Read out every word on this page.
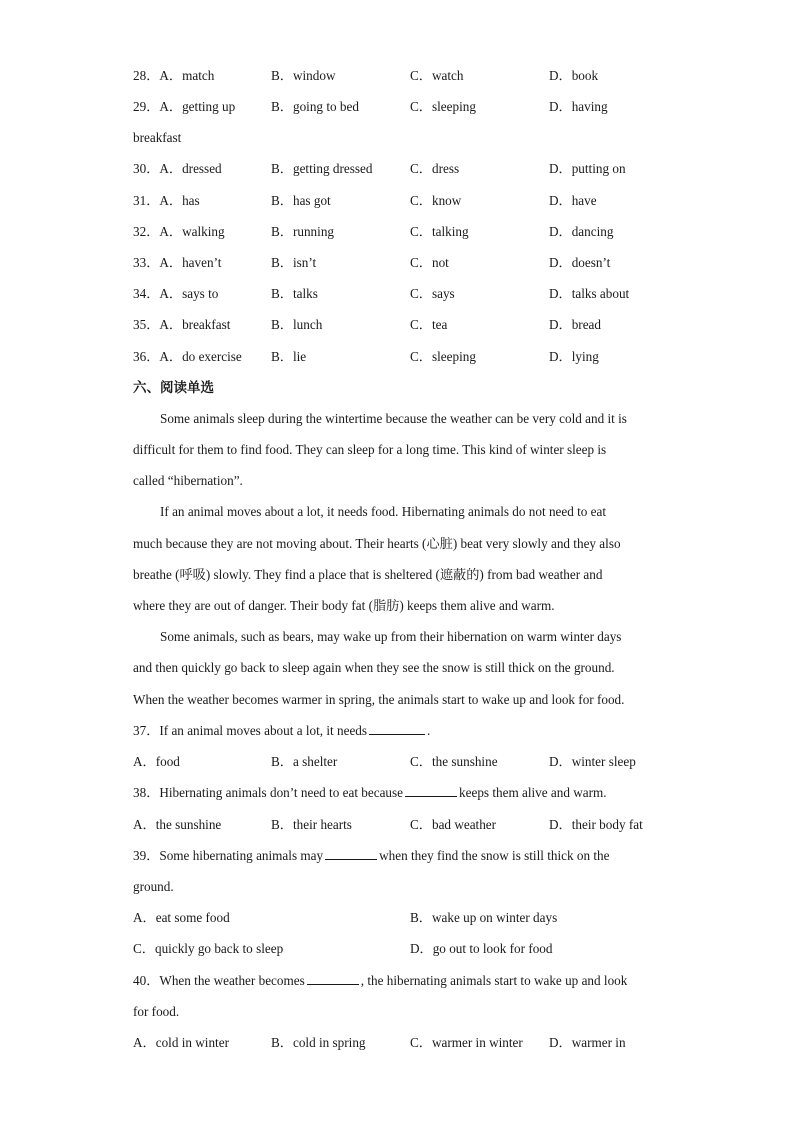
28．A．match	B．window	C．watch	D．book
29．A．getting up	B．going to bed	C．sleeping	D．having
breakfast
30．A．dressed	B．getting dressed	C．dress	D．putting on
31．A．has	B．has got	C．know	D．have
32．A．walking	B．running	C．talking	D．dancing
33．A．haven’t	B．isn’t	C．not	D．doesn’t
34．A．says to	B．talks	C．says	D．talks about
35．A．breakfast	B．lunch	C．tea	D．bread
36．A．do exercise B．lie	C．sleeping	D．lying
六、阅读单选
Some animals sleep during the wintertime because the weather can be very cold and it is
difficult for them to find food. They can sleep for a long time. This kind of winter sleep is
called “hibernation”.
If an animal moves about a lot, it needs food. Hibernating animals do not need to eat
much because they are not moving about. Their hearts (心脏) beat very slowly and they also
breathe (呼吸) slowly. They find a place that is sheltered (遮蔽的) from bad weather and
where they are out of danger. Their body fat (脂肪) keeps them alive and warm.
Some animals, such as bears, may wake up from their hibernation on warm winter days
and then quickly go back to sleep again when they see the snow is still thick on the ground.
When the weather becomes warmer in spring, the animals start to wake up and look for food.
37．If an animal moves about a lot, it needs	.
A．food	B．a shelter	C．the sunshine	D．winter sleep
38．Hibernating animals don’t need to eat because	keeps them alive and warm.
A．the sunshine	B．their hearts	C．bad weather	D．their body fat
39．Some hibernating animals may	when they find the snow is still thick on the
ground.
A．eat some food	B．wake up on winter days
C．quickly go back to sleep	D．go out to look for food
40．When the weather becomes	, the hibernating animals start to wake up and look
for food.
A．cold in winter	B．cold in spring	C．warmer in winter D．warmer in
